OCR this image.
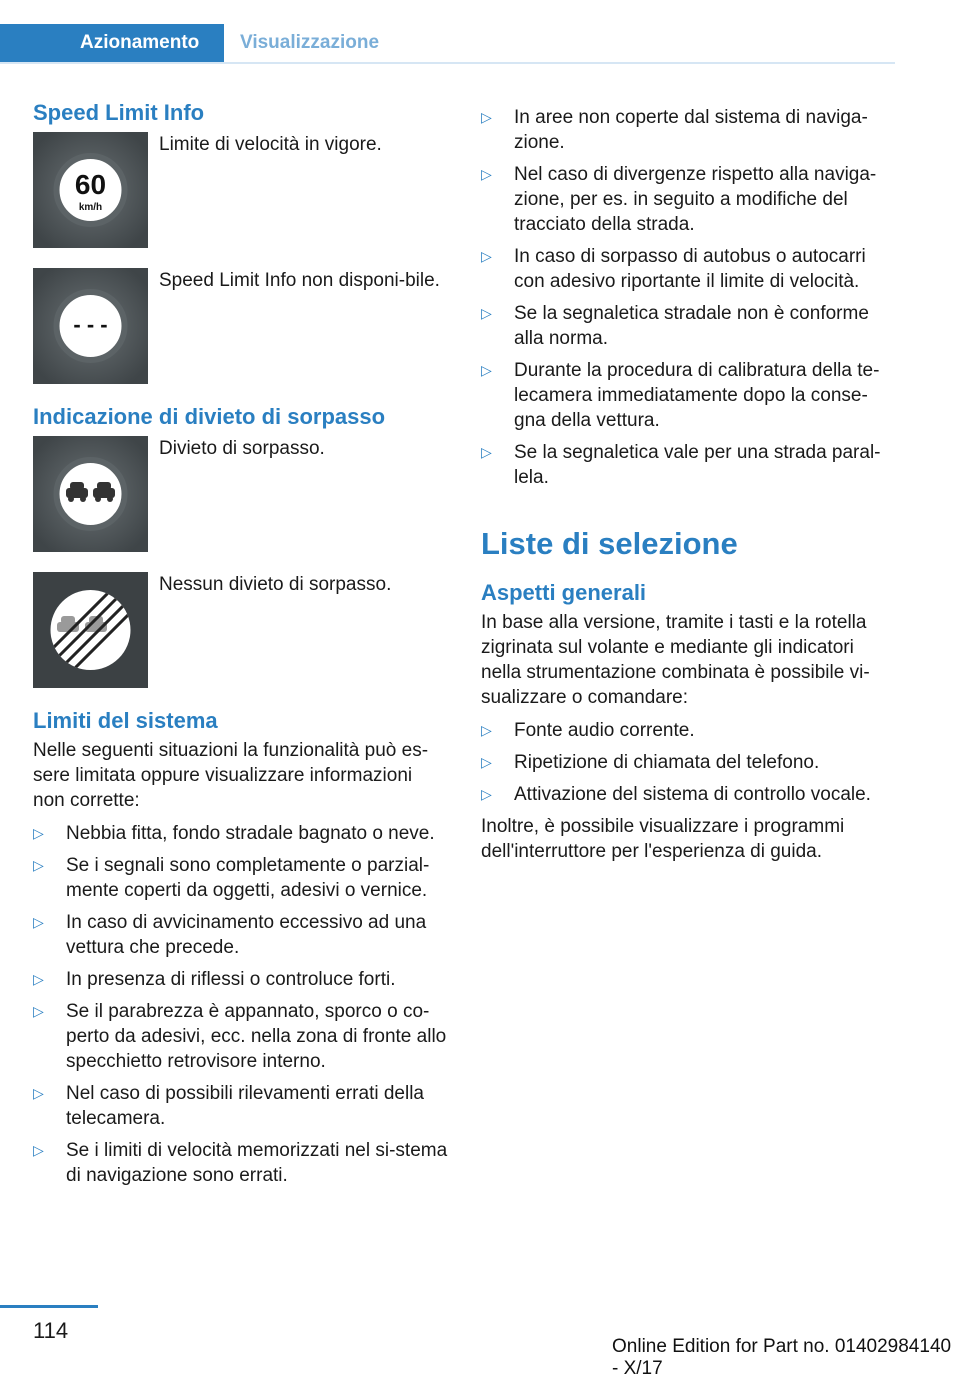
Azionamento Visualizzazione
Speed Limit Info
60
km/h
Limite di velocità in vigore.
- - -
Speed Limit Info non disponi-bile.
Indicazione di divieto di sorpasso
Divieto di sorpasso.
Nessun divieto di sorpasso.
Limiti del sistema

Nelle seguenti situazioni la funzionalità può es-sere limitata oppure visualizzare informazioni non corrette:

▷ Nebbia fitta, fondo stradale bagnato o neve.
▷ Se i segnali sono completamente o parzial-mente coperti da oggetti, adesivi o vernice.
▷ In caso di avvicinamento eccessivo ad una vettura che precede.
▷ In presenza di riflessi o controluce forti.
▷ Se il parabrezza è appannato, sporco o co-perto da adesivi, ecc. nella zona di fronte allo specchietto retrovisore interno.
▷ Nel caso di possibili rilevamenti errati della telecamera.
▷ Se i limiti di velocità memorizzati nel si-stema di navigazione sono errati.
▷ In aree non coperte dal sistema di naviga-zione.
▷ Nel caso di divergenze rispetto alla naviga-zione, per es. in seguito a modifiche del tracciato della strada.
▷ In caso di sorpasso di autobus o autocarri con adesivo riportante il limite di velocità.
▷ Se la segnaletica stradale non è conforme alla norma.
▷ Durante la procedura di calibratura della te-lecamera immediatamente dopo la conse-gna della vettura.
▷ Se la segnaletica vale per una strada paral-lela.
Liste di selezione
Aspetti generali

In base alla versione, tramite i tasti e la rotella zigrinata sul volante e mediante gli indicatori nella strumentazione combinata è possibile vi-sualizzare o comandare:

▷ Fonte audio corrente.
▷ Ripetizione di chiamata del telefono.
▷ Attivazione del sistema di controllo vocale.

Inoltre, è possibile visualizzare i programmi dell'interruttore per l'esperienza di guida.

114
Online Edition for Part no. 01402984140 - X/17
